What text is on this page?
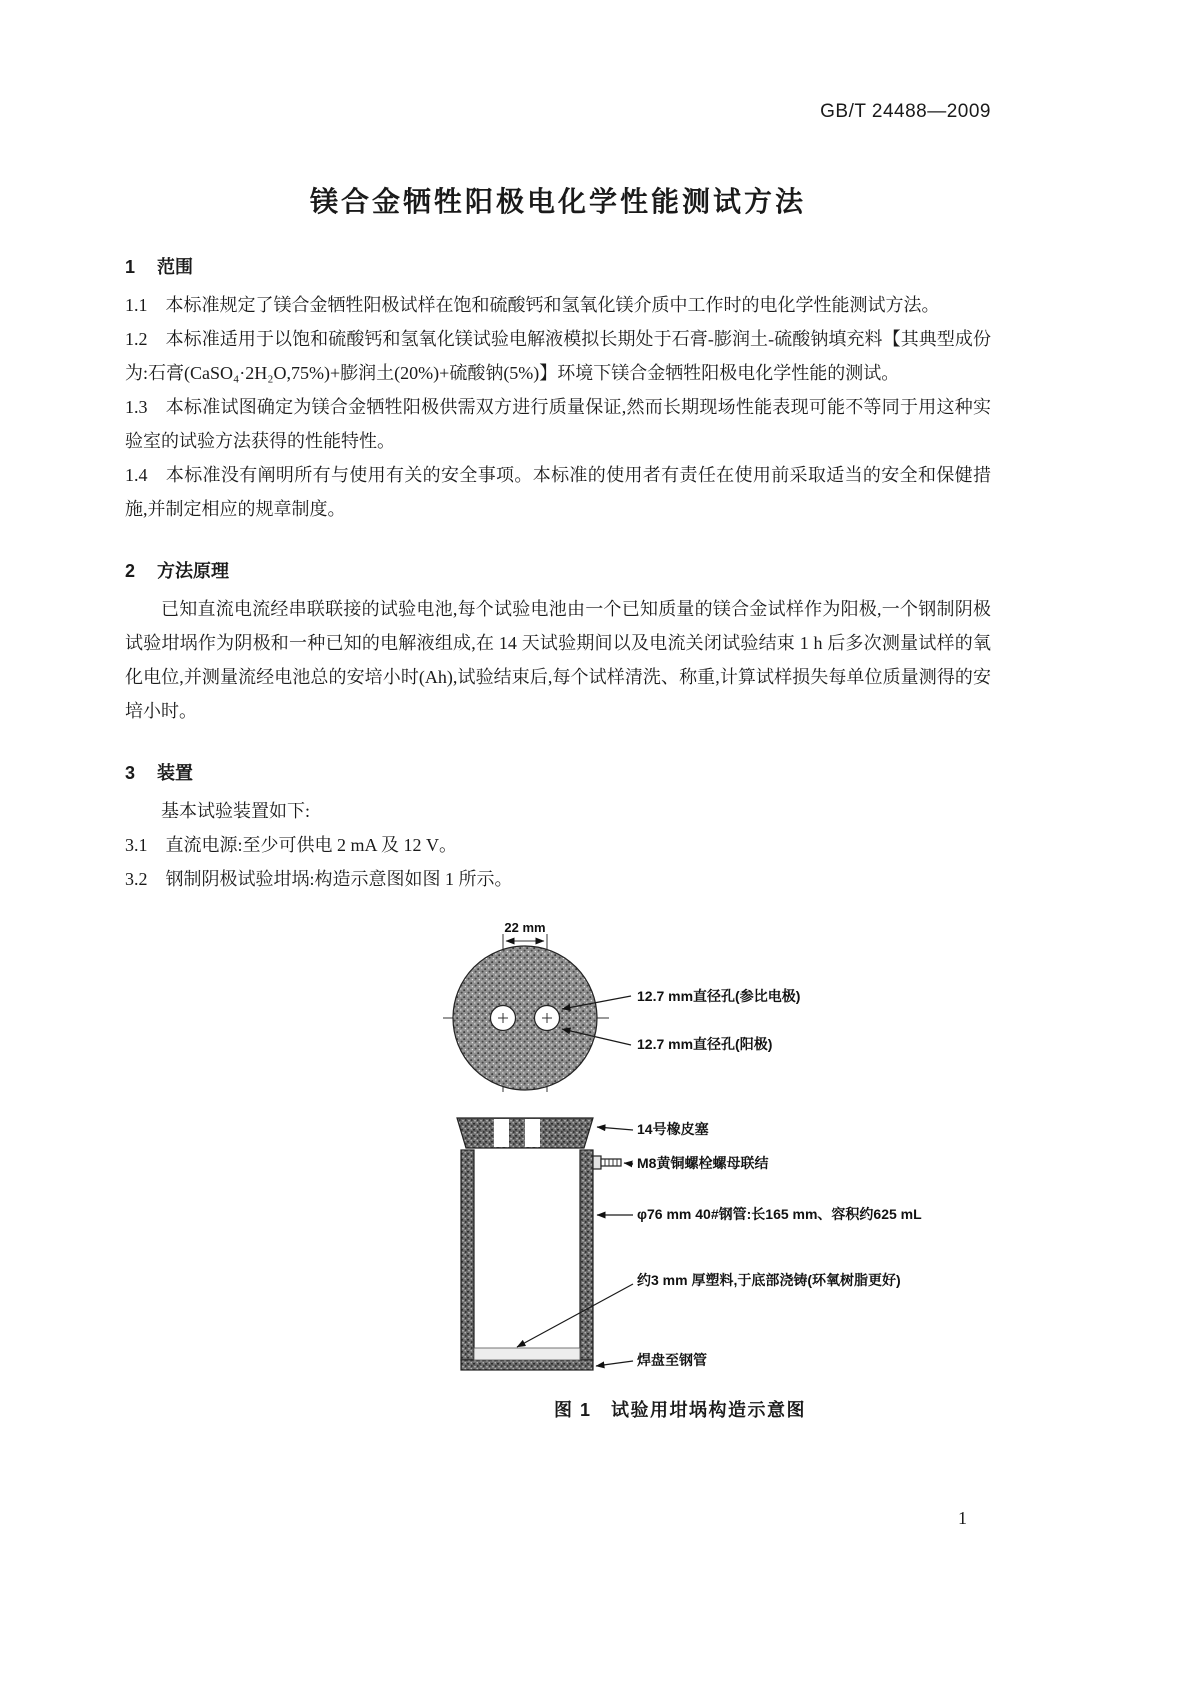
GB/T 24488—2009
镁合金牺牲阳极电化学性能测试方法
1 范围

1.1 本标准规定了镁合金牺牲阳极试样在饱和硫酸钙和氢氧化镁介质中工作时的电化学性能测试方法。

1.2 本标准适用于以饱和硫酸钙和氢氧化镁试验电解液模拟长期处于石膏-膨润土-硫酸钠填充料【其典型成份为:石膏(CaSO₄·2H₂O,75%)+膨润土(20%)+硫酸钠(5%)】环境下镁合金牺牲阳极电化学性能的测试。

1.3 本标准试图确定为镁合金牺牲阳极供需双方进行质量保证,然而长期现场性能表现可能不等同于用这种实验室的试验方法获得的性能特性。

1.4 本标准没有阐明所有与使用有关的安全事项。本标准的使用者有责任在使用前采取适当的安全和保健措施,并制定相应的规章制度。

2 方法原理

已知直流电流经串联联接的试验电池,每个试验电池由一个已知质量的镁合金试样作为阳极,一个钢制阴极试验坩埚作为阴极和一种已知的电解液组成,在 14 天试验期间以及电流关闭试验结束 1 h 后多次测量试样的氧化电位,并测量流经电池总的安培小时(Ah),试验结束后,每个试样清洗、称重,计算试样损失每单位质量测得的安培小时。

3 装置

基本试验装置如下:

3.1 直流电源:至少可供电 2 mA 及 12 V。

3.2 钢制阴极试验坩埚:构造示意图如图 1 所示。

22 mm
12.7 mm直径孔(参比电极)
12.7 mm直径孔(阳极)
14号橡皮塞
M8黄铜螺栓螺母联结
φ76 mm 40#钢管:长165 mm、容积约625 mL
约3 mm 厚塑料,于底部浇铸(环氧树脂更好)
焊盘至钢管
图 1　试验用坩埚构造示意图
1
